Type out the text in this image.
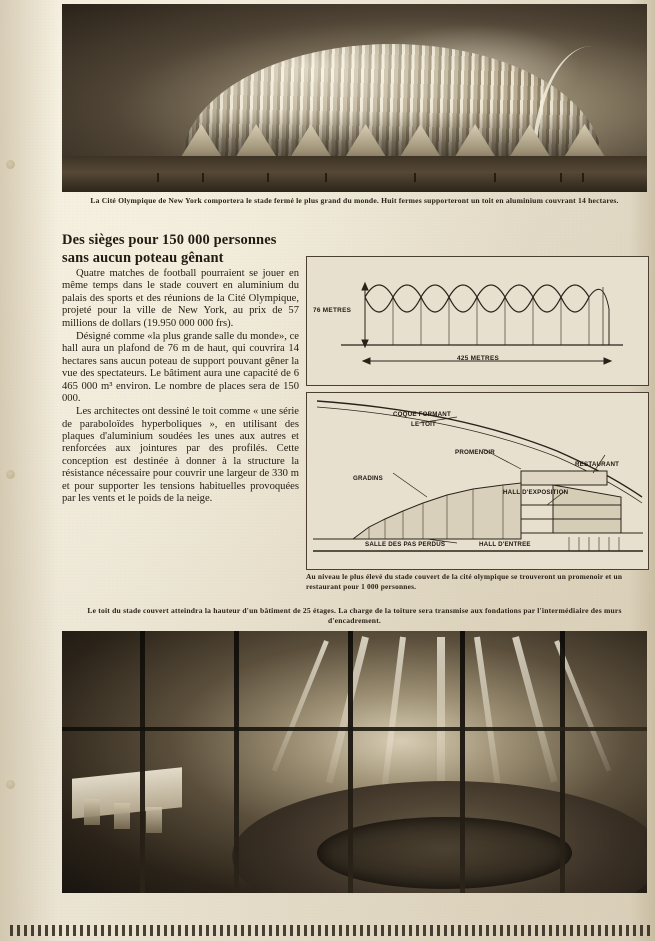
La Cité Olympique de New York comportera le stade fermé le plus grand du monde. Huit fermes supporteront un toit en aluminium couvrant 14 hectares.
Des sièges pour 150 000 personnes
sans aucun poteau gênant

Quatre matches de football pourraient se jouer en même temps dans le stade couvert en aluminium du palais des sports et des réunions de la Cité Olympique, projeté pour la ville de New York, au prix de 57 millions de dollars (19.950 000 000 frs).

Désigné comme «la plus grande salle du monde», ce hall aura un plafond de 76 m de haut, qui couvrira 14 hectares sans aucun poteau de support pouvant gêner la vue des spectateurs. Le bâtiment aura une capacité de 6 465 000 m³ environ. Le nombre de places sera de 150 000.

Les architectes ont dessiné le toit comme « une série de paraboloïdes hyperboliques », en utilisant des plaques d'aluminium soudées les unes aux autres et renforcées aux jointures par des profilés. Cette conception est destinée à donner à la structure la résistance nécessaire pour couvrir une largeur de 330 m et pour supporter les tensions habituelles provoquées par les vents et le poids de la neige.

76 METRES
425 METRES
COQUE FORMANT
LE TOIT
PROMENOIR
RESTAURANT
GRADINS
HALL D'EXPOSITION
SALLE DES PAS PERDUS	HALL D'ENTREE
Au niveau le plus élevé du stade couvert de la cité olympique se trouveront un promenoir et un restaurant pour 1 000 personnes.
Le toit du stade couvert atteindra la hauteur d'un bâtiment de 25 étages. La charge de la toiture sera transmise aux fondations par l'intermédiaire des murs d'encadrement.
